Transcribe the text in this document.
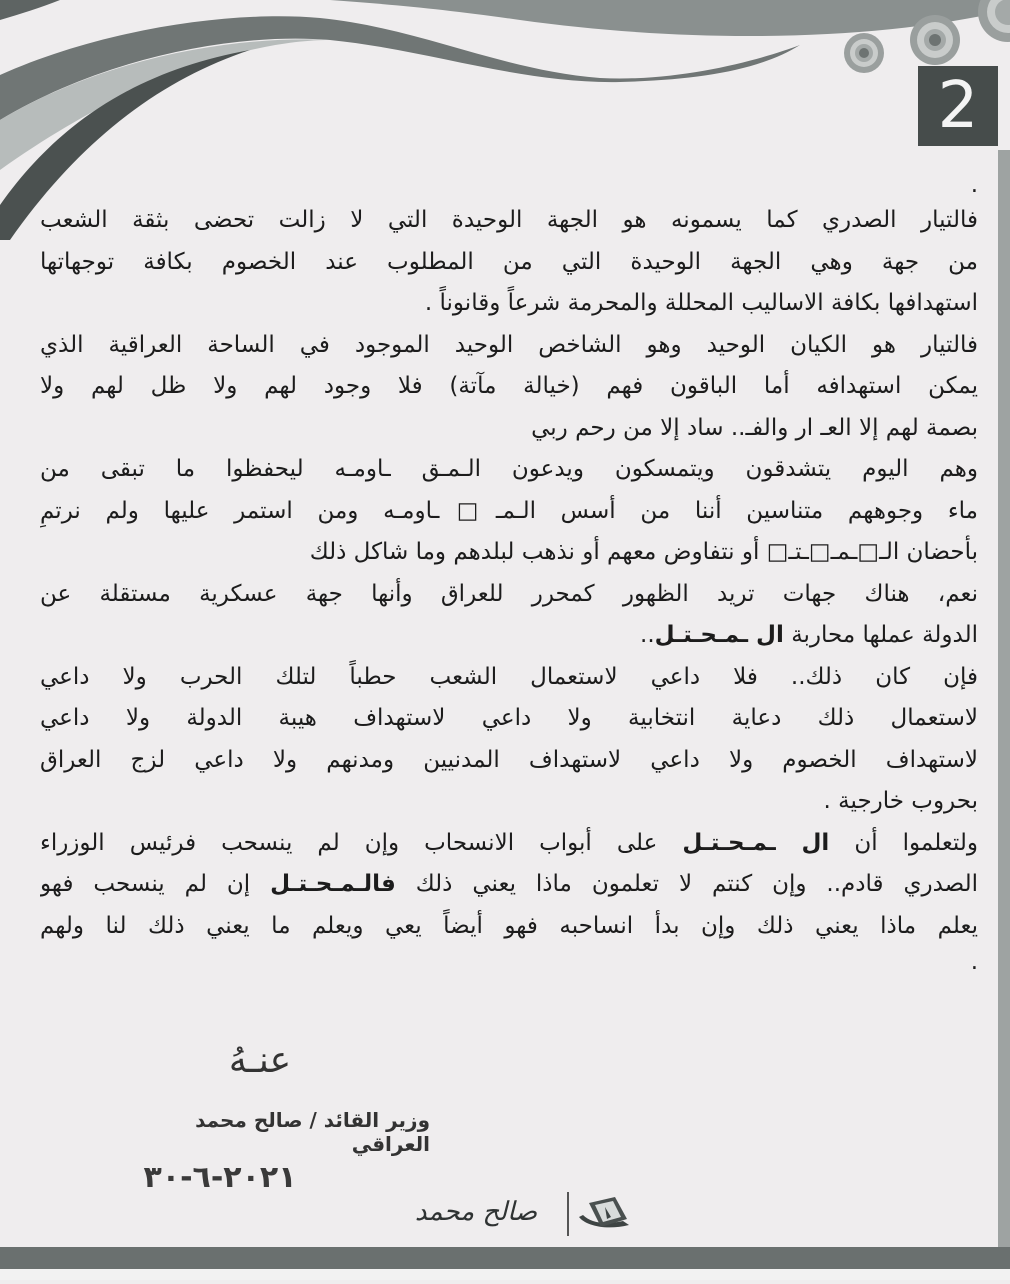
2
.
فالتيار الصدري كما يسمونه هو الجهة الوحيدة التي لا زالت تحضى بثقة الشعب
من جهة وهي الجهة الوحيدة التي من المطلوب عند الخصوم بكافة توجهاتها
استهدافها بكافة الاساليب المحللة والمحرمة شرعاً وقانوناً .
فالتيار هو الكيان الوحيد وهو الشاخص الوحيد الموجود في الساحة العراقية الذي
يمكن استهدافه أما الباقون فهم (خيالة مآتة) فلا وجود لهم ولا ظل لهم ولا
بصمة لهم إلا العـ ار والفـ.. ساد إلا من رحم ربي
وهم اليوم يتشدقون ويتمسكون ويدعون الـمـق ـاومـه ليحفظوا ما تبقى من
ماء وجوههم متناسين أننا من أسس الـمـ□ـاومـه ومن استمر عليها ولم نرتمِ
بأحضان الـ□ـمـ□ـتـ□ أو نتفاوض معهم أو نذهب لبلدهم وما شاكل ذلك
نعم، هناك جهات تريد الظهور كمحرر للعراق وأنها جهة عسكرية مستقلة عن
الدولة عملها محاربة ال ـمـحـتـل..
فإن كان ذلك.. فلا داعي لاستعمال الشعب حطباً لتلك الحرب ولا داعي
لاستعمال ذلك دعاية انتخابية ولا داعي لاستهداف هيبة الدولة ولا داعي
لاستهداف الخصوم ولا داعي لاستهداف المدنيين ومدنهم ولا داعي لزج العراق
بحروب خارجية .
ولتعلموا أن ال ـمـحـتـل على أبواب الانسحاب وإن لم ينسحب فرئيس الوزراء
الصدري قادم.. وإن كنتم لا تعلمون ماذا يعني ذلك فالـمـحـتـل إن لم ينسحب فهو
يعلم ماذا يعني ذلك وإن بدأ انساحبه فهو أيضاً يعي ويعلم ما يعني ذلك لنا ولهم
.
عنـهُ
وزير القائد / صالح محمد العراقي
٢٠٢١-٦-٣٠
صالح محمد
